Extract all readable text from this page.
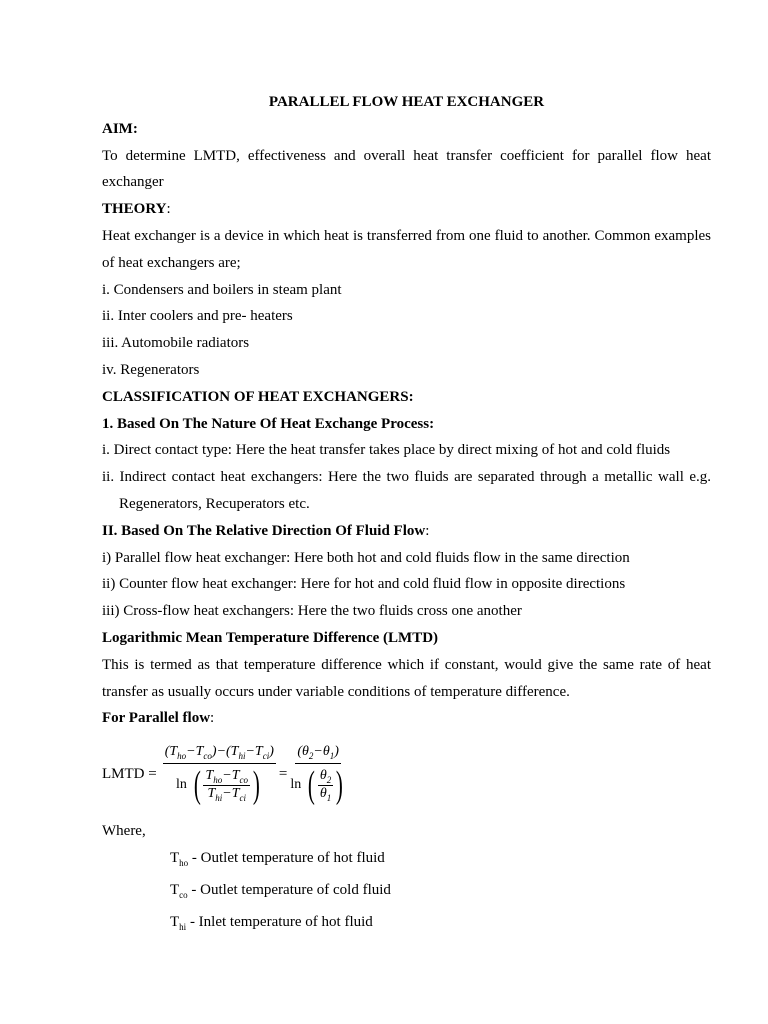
PARALLEL FLOW HEAT EXCHANGER
AIM:
To determine LMTD, effectiveness and overall heat transfer coefficient for parallel flow heat exchanger
THEORY:
Heat exchanger is a device in which heat is transferred from one fluid to another. Common examples of heat exchangers are;
i. Condensers and boilers in steam plant
ii. Inter coolers and pre- heaters
iii. Automobile radiators
iv. Regenerators
CLASSIFICATION OF HEAT EXCHANGERS:
1. Based On The Nature Of Heat Exchange Process:
i. Direct contact type: Here the heat transfer takes place by direct mixing of hot and cold fluids
ii. Indirect contact heat exchangers: Here the two fluids are separated through a metallic wall e.g. Regenerators, Recuperators etc.
II. Based On The Relative Direction Of Fluid Flow:
i) Parallel flow heat exchanger: Here both hot and cold fluids flow in the same direction
ii) Counter flow heat exchanger: Here for hot and cold fluid flow in opposite directions
iii) Cross-flow heat exchangers: Here the two fluids cross one another
Logarithmic Mean Temperature Difference (LMTD)
This is termed as that temperature difference which if constant, would give the same rate of heat transfer as usually occurs under variable conditions of temperature difference.
For Parallel flow:
LMTD = $\frac{(T_{ho}-T_{co})-(T_{hi}-T_{ci})}{\ln ( \frac{T_{ho}-T_{co}}{T_{hi}-T_{ci}} )} = \frac{(\theta_2-\theta_1)}{\ln ( \frac{\theta_2}{\theta_1} )}$
Where,
$T_{ho}$ - Outlet temperature of hot fluid
$T_{co}$ - Outlet temperature of cold fluid
$T_{hi}$ - Inlet temperature of hot fluid
